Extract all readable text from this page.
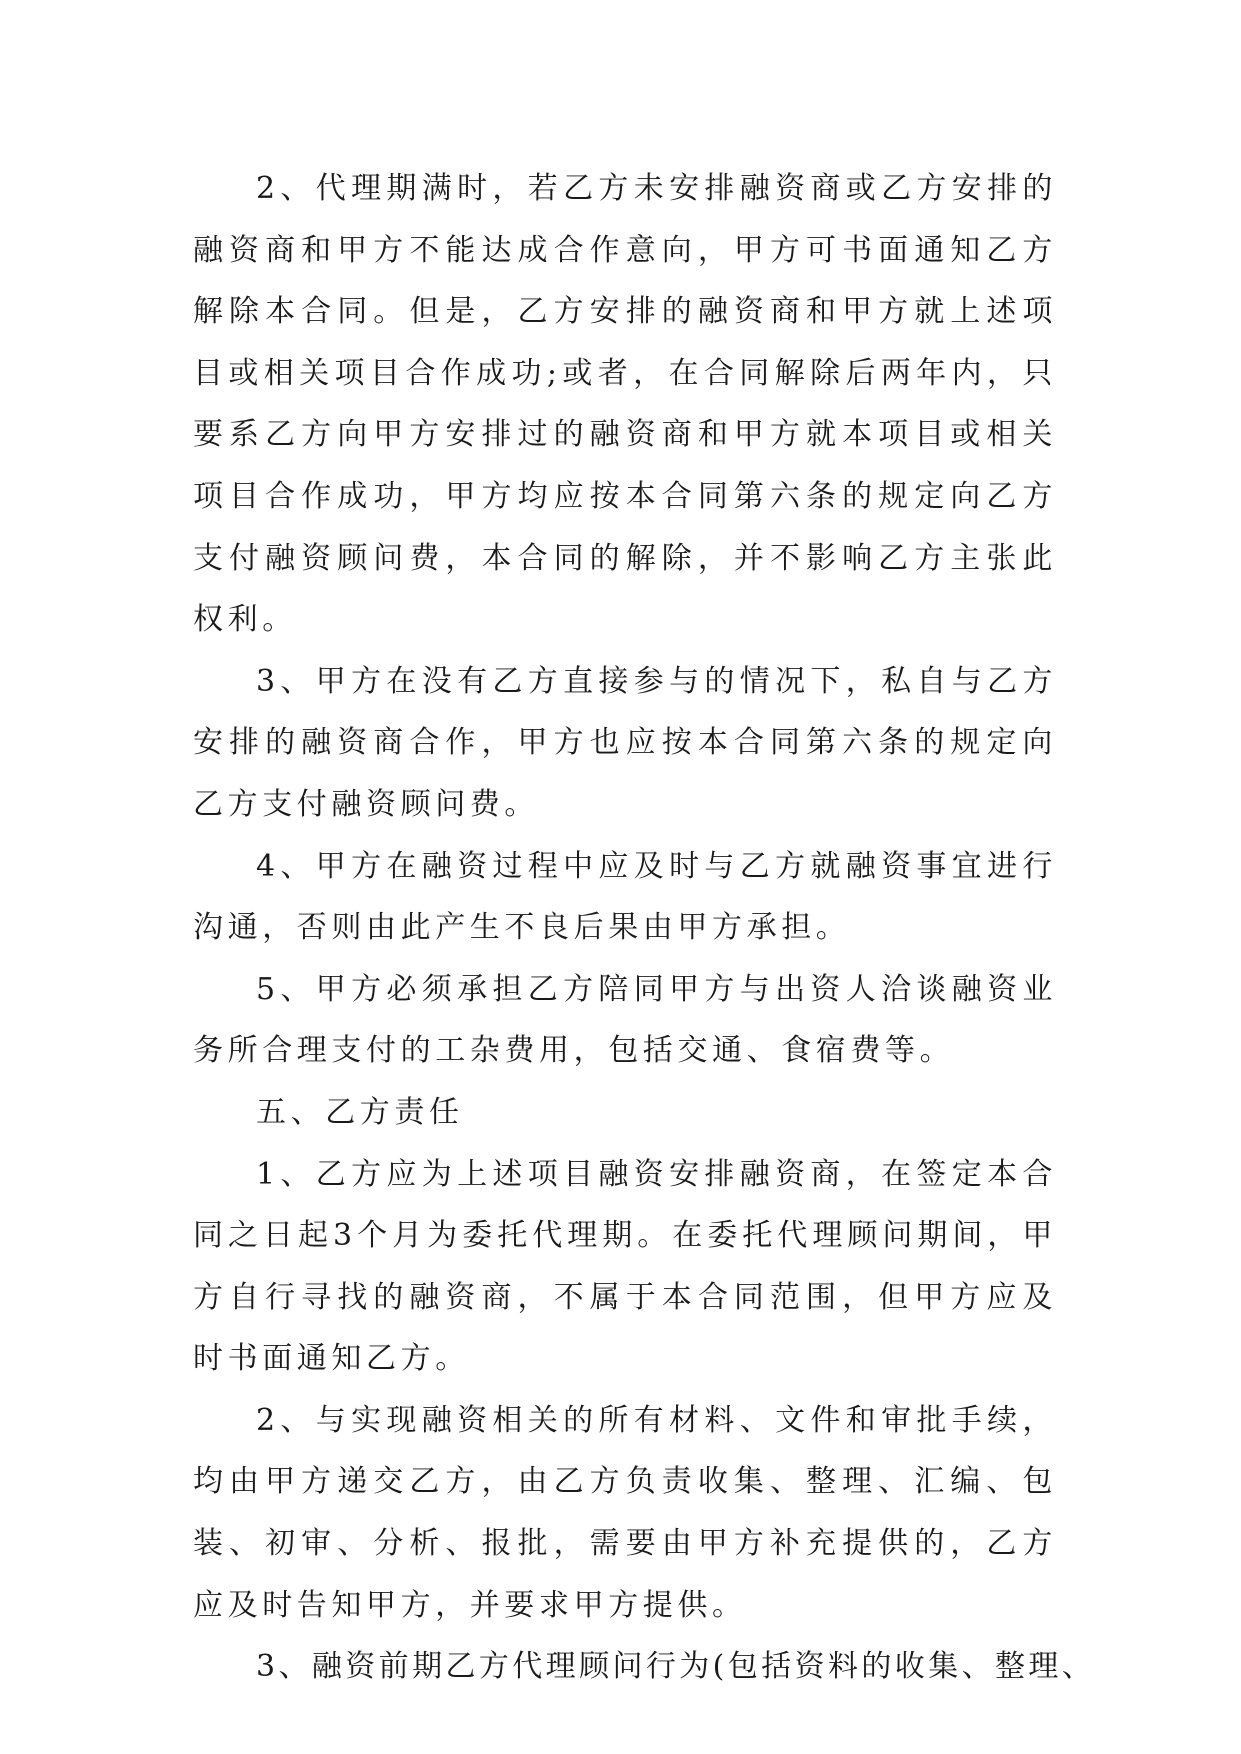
2、代理期满时，若乙方未安排融资商或乙方安排的融资商和甲方不能达成合作意向，甲方可书面通知乙方解除本合同。但是，乙方安排的融资商和甲方就上述项目或相关项目合作成功;或者，在合同解除后两年内，只要系乙方向甲方安排过的融资商和甲方就本项目或相关项目合作成功，甲方均应按本合同第六条的规定向乙方支付融资顾问费，本合同的解除，并不影响乙方主张此权利。

3、甲方在没有乙方直接参与的情况下，私自与乙方安排的融资商合作，甲方也应按本合同第六条的规定向乙方支付融资顾问费。

4、甲方在融资过程中应及时与乙方就融资事宜进行沟通，否则由此产生不良后果由甲方承担。

5、甲方必须承担乙方陪同甲方与出资人洽谈融资业务所合理支付的工杂费用，包括交通、食宿费等。

五、乙方责任

1、乙方应为上述项目融资安排融资商，在签定本合同之日起3个月为委托代理期。在委托代理顾问期间，甲方自行寻找的融资商，不属于本合同范围，但甲方应及时书面通知乙方。

2、与实现融资相关的所有材料、文件和审批手续，均由甲方递交乙方，由乙方负责收集、整理、汇编、包装、初审、分析、报批，需要由甲方补充提供的，乙方应及时告知甲方，并要求甲方提供。

3、融资前期乙方代理顾问行为(包括资料的收集、整理、
